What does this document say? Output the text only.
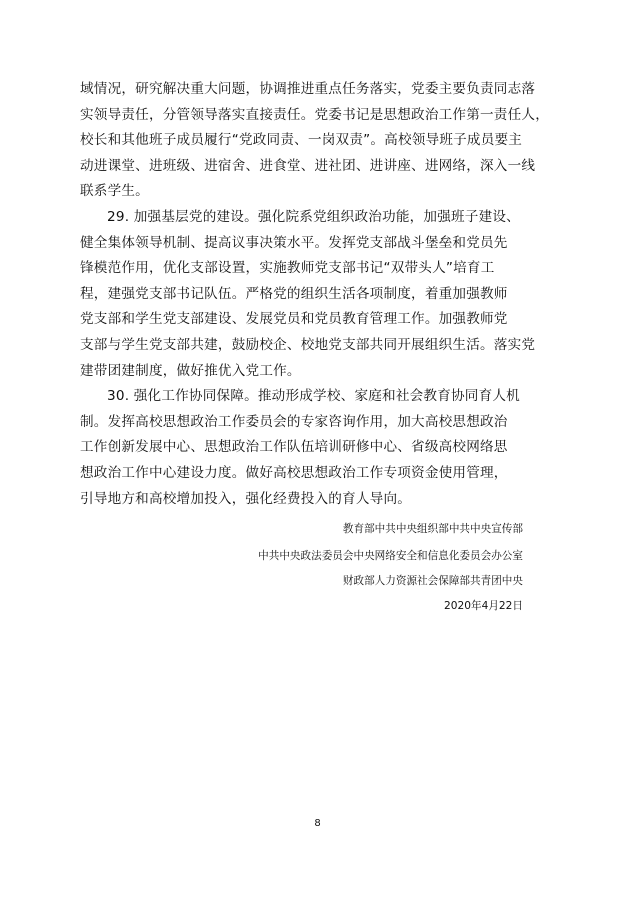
域情况，研究解决重大问题，协调推进重点任务落实，党委主要负责同志落
实领导责任，分管领导落实直接责任。党委书记是思想政治工作第一责任人，
校长和其他班子成员履行“党政同责、一岗双责”。高校领导班子成员要主
动进课堂、进班级、进宿舍、进食堂、进社团、进讲座、进网络，深入一线
联系学生。
29. 加强基层党的建设。强化院系党组织政治功能，加强班子建设、
健全集体领导机制、提高议事决策水平。发挥党支部战斗堡垒和党员先
锋模范作用，优化支部设置，实施教师党支部书记“双带头人”培育工
程，建强党支部书记队伍。严格党的组织生活各项制度，着重加强教师
党支部和学生党支部建设、发展党员和党员教育管理工作。加强教师党
支部与学生党支部共建，鼓励校企、校地党支部共同开展组织生活。落实党
建带团建制度，做好推优入党工作。
30. 强化工作协同保障。推动形成学校、家庭和社会教育协同育人机
制。发挥高校思想政治工作委员会的专家咨询作用，加大高校思想政治
工作创新发展中心、思想政治工作队伍培训研修中心、省级高校网络思
想政治工作中心建设力度。做好高校思想政治工作专项资金使用管理，
引导地方和高校增加投入，强化经费投入的育人导向。
教育部中共中央组织部中共中央宣传部
中共中央政法委员会中央网络安全和信息化委员会办公室
财政部人力资源社会保障部共青团中央
2020年4月22日
8
